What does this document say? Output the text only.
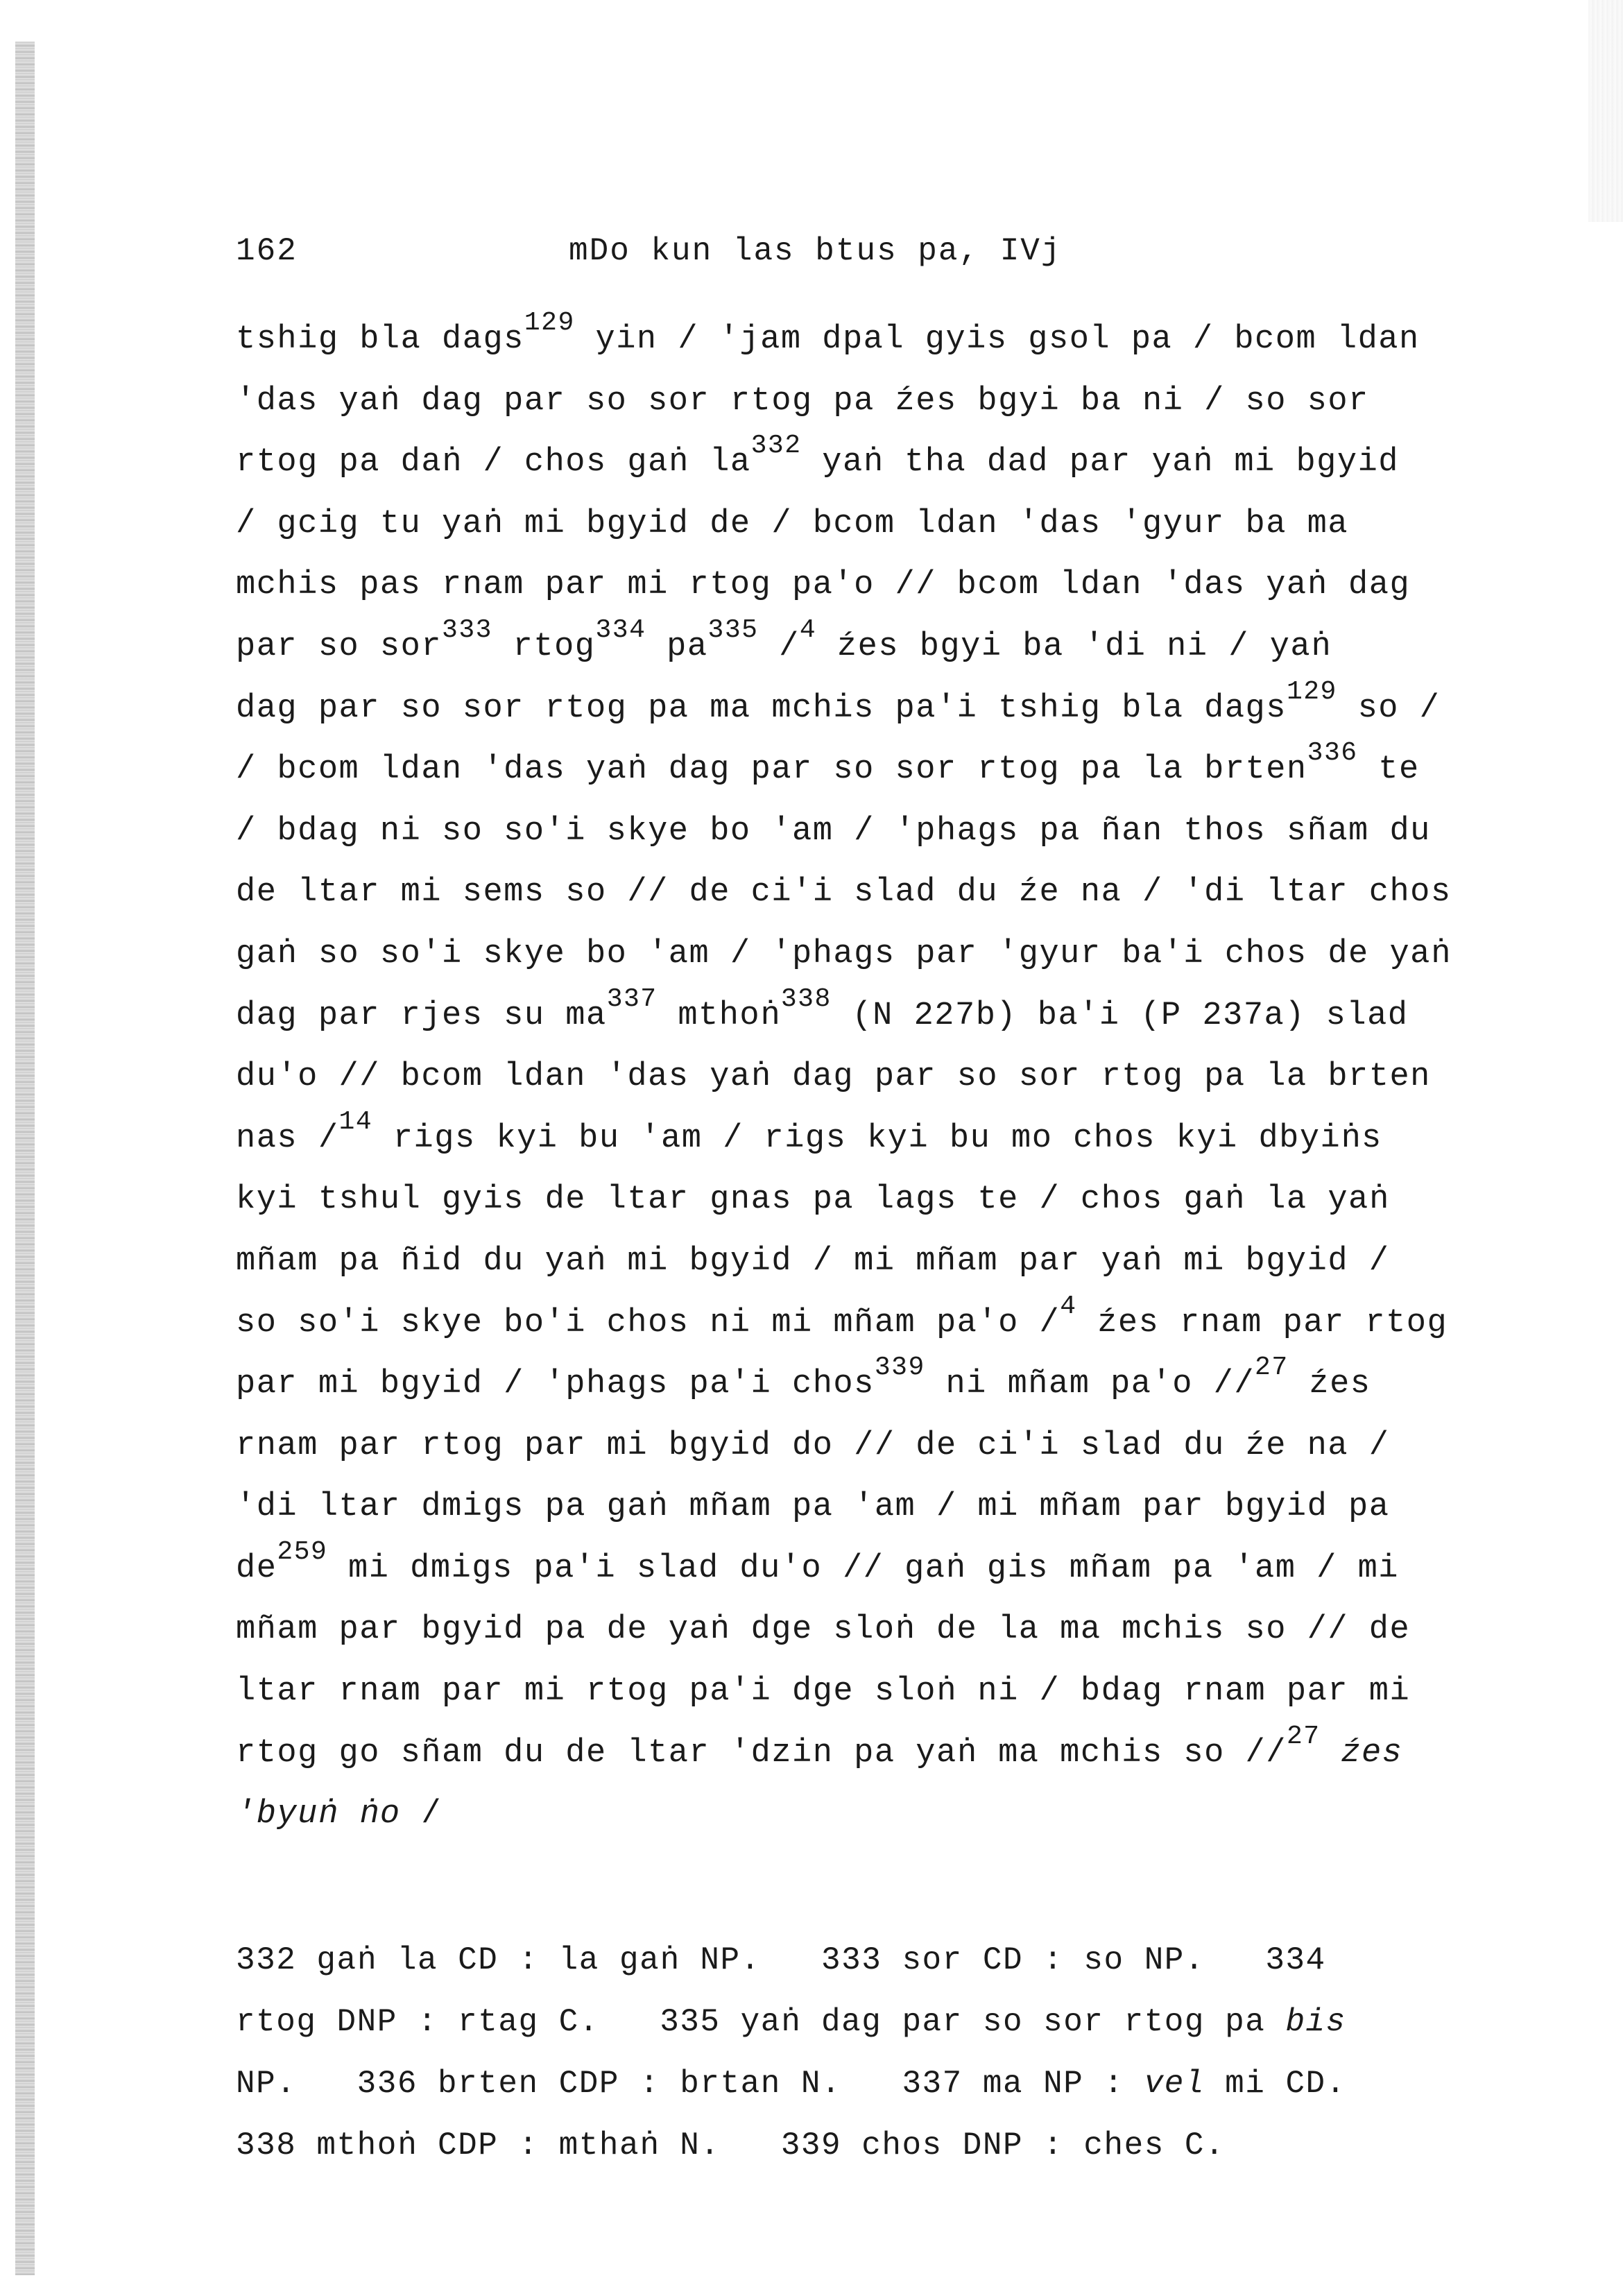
162	mDo kun las btus pa, IVj
tshig bla dags$^{129}$ yin / 'jam dpal gyis gsol pa / bcom ldan
'das yaṅ dag par so sor rtog pa źes bgyi ba ni / so sor
rtog pa daṅ / chos gaṅ $la^{332}$ yaṅ tha dad par yaṅ mi bgyid
/ gcig tu yaṅ mi bgyid de / bcom ldan 'das 'gyur ba ma
mchis pas rnam par mi rtog pa'o // bcom ldan 'das yaṅ dag
par so sor$^{333}$ rtog$^{334}$ $pa^{335}$ /$^4$ źes bgyi ba 'di ni / yaṅ
dag par so sor rtog pa ma mchis pa'i tshig bla dags$^{129}$ so /
/ bcom ldan 'das yaṅ dag par so sor rtog pa la brten$^{336}$ te
/ bdag ni so so'i skye bo 'am / 'phags pa ñan thos sñam du
de ltar mi sems so // de ci'i slad du źe na / 'di ltar chos
gaṅ so so'i skye bo 'am / 'phags par 'gyur ba'i chos de yaṅ
dag par rjes su $ma^{337}$ mthoṅ$^{338}$ (N 227b) ba'i (P 237a) slad
du'o // bcom ldan 'das yaṅ dag par so sor rtog pa la brten
nas /$^{14}$ rigs kyi bu 'am / rigs kyi bu mo chos kyi dbyiṅs
kyi tshul gyis de ltar gnas pa lags te / chos gaṅ la yaṅ
mñam pa ñid du yaṅ mi bgyid / mi mñam par yaṅ mi bgyid /
so so'i skye bo'i chos ni mi mñam pa'o /$^4$ źes rnam par rtog
par mi bgyid / 'phags pa'i chos$^{339}$ ni mñam pa'o //$^{27}$ źes
rnam par rtog par mi bgyid do // de ci'i slad du źe na /
'di ltar dmigs pa gaṅ mñam pa 'am / mi mñam par bgyid pa
$de^{259}$ mi dmigs pa'i slad du'o // gaṅ gis mñam pa 'am / mi
mñam par bgyid pa de yaṅ dge sloṅ de la ma mchis so // de
ltar rnam par mi rtog pa'i dge sloṅ ni / bdag rnam par mi
rtog go sñam du de ltar 'dzin pa yaṅ ma mchis so //$^{27}$ źes
'byuṅ ṅo /
332 gaṅ la CD : la gaṅ NP.   333 sor CD : so NP.   334
rtog DNP : rtag C.   335 yaṅ dag par so sor rtog pa bis
NP.   336 brten CDP : brtan N.   337 ma NP : vel mi CD.
338 mthoṅ CDP : mthaṅ N.   339 chos DNP : ches C.
